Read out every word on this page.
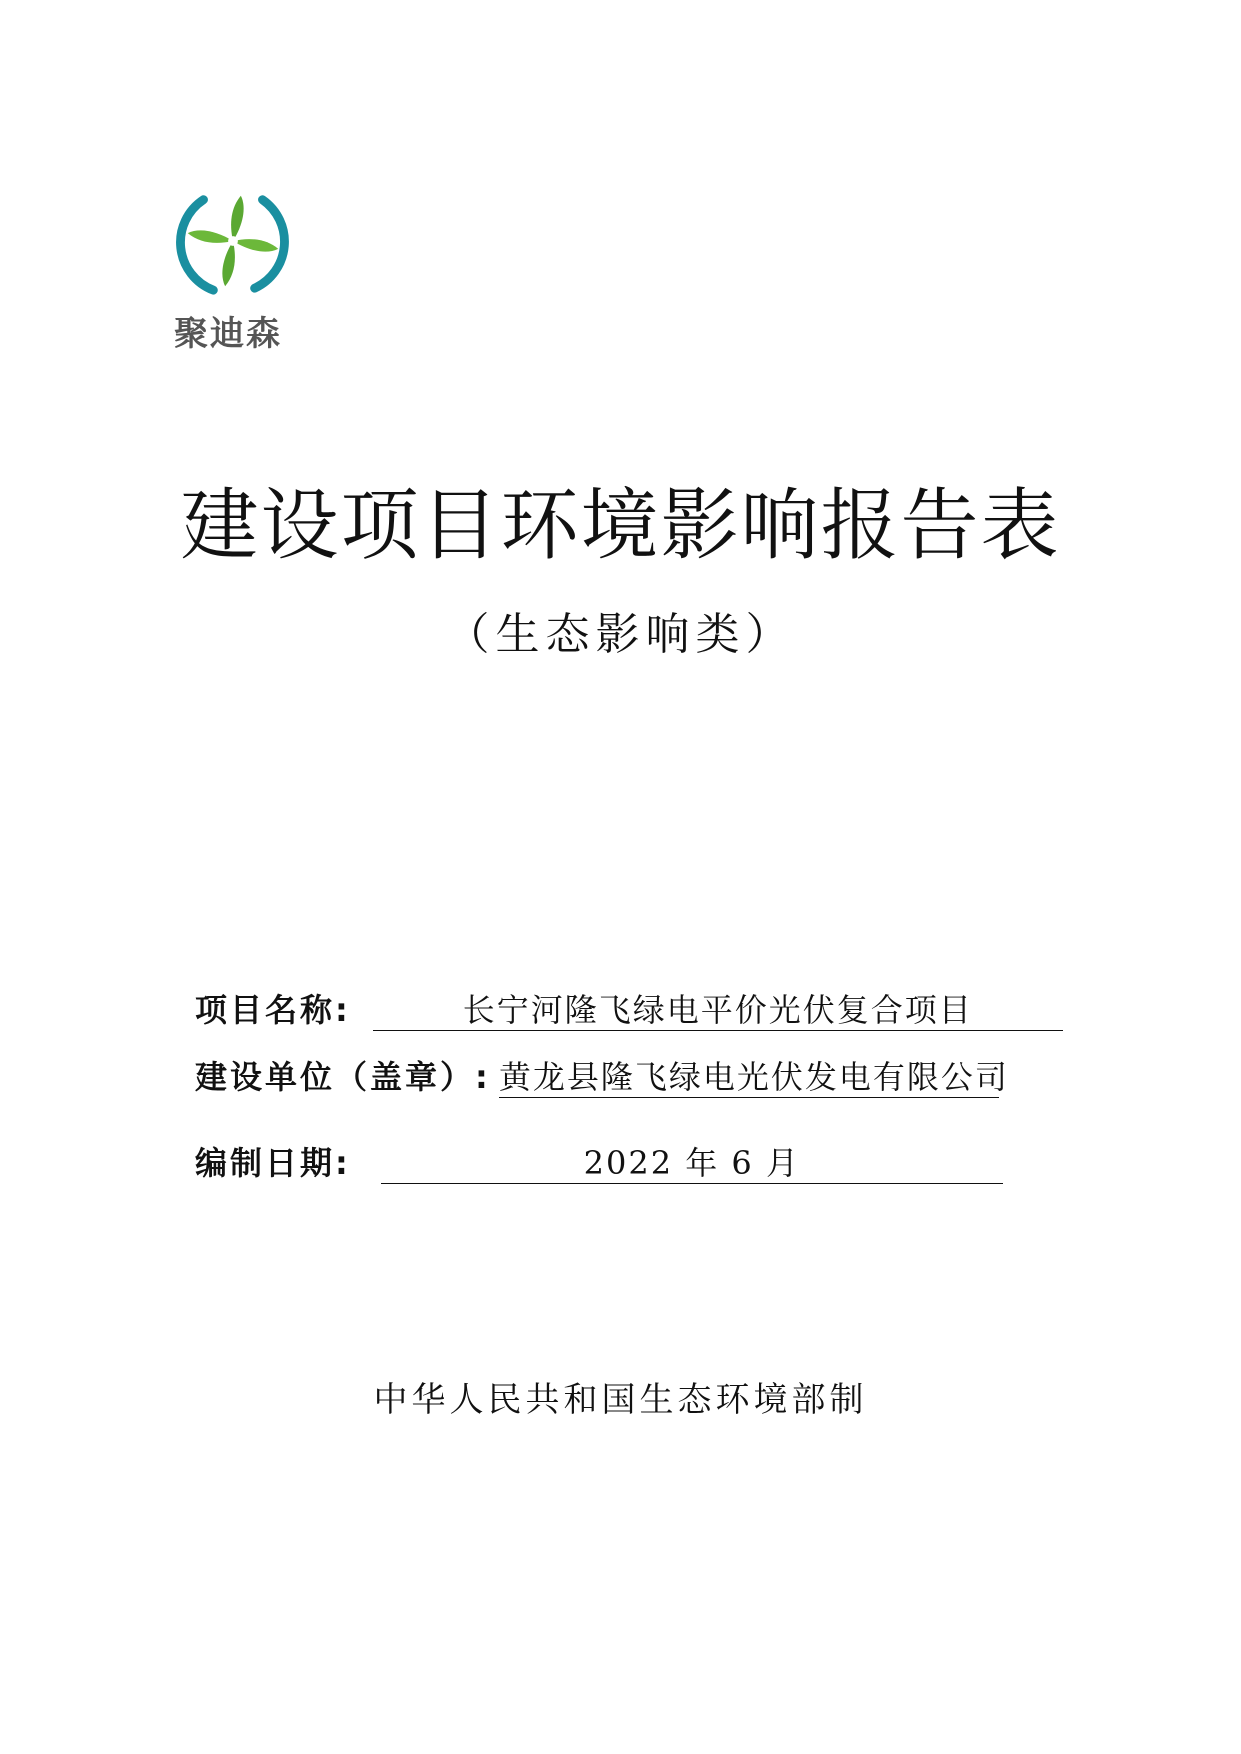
聚迪森
建设项目环境影响报告表
（生态影响类）
项目名称:	长宁河隆飞绿电平价光伏复合项目
建设单位（盖章）: 黄龙县隆飞绿电光伏发电有限公司
编制日期:	2022 年 6 月
中华人民共和国生态环境部制
